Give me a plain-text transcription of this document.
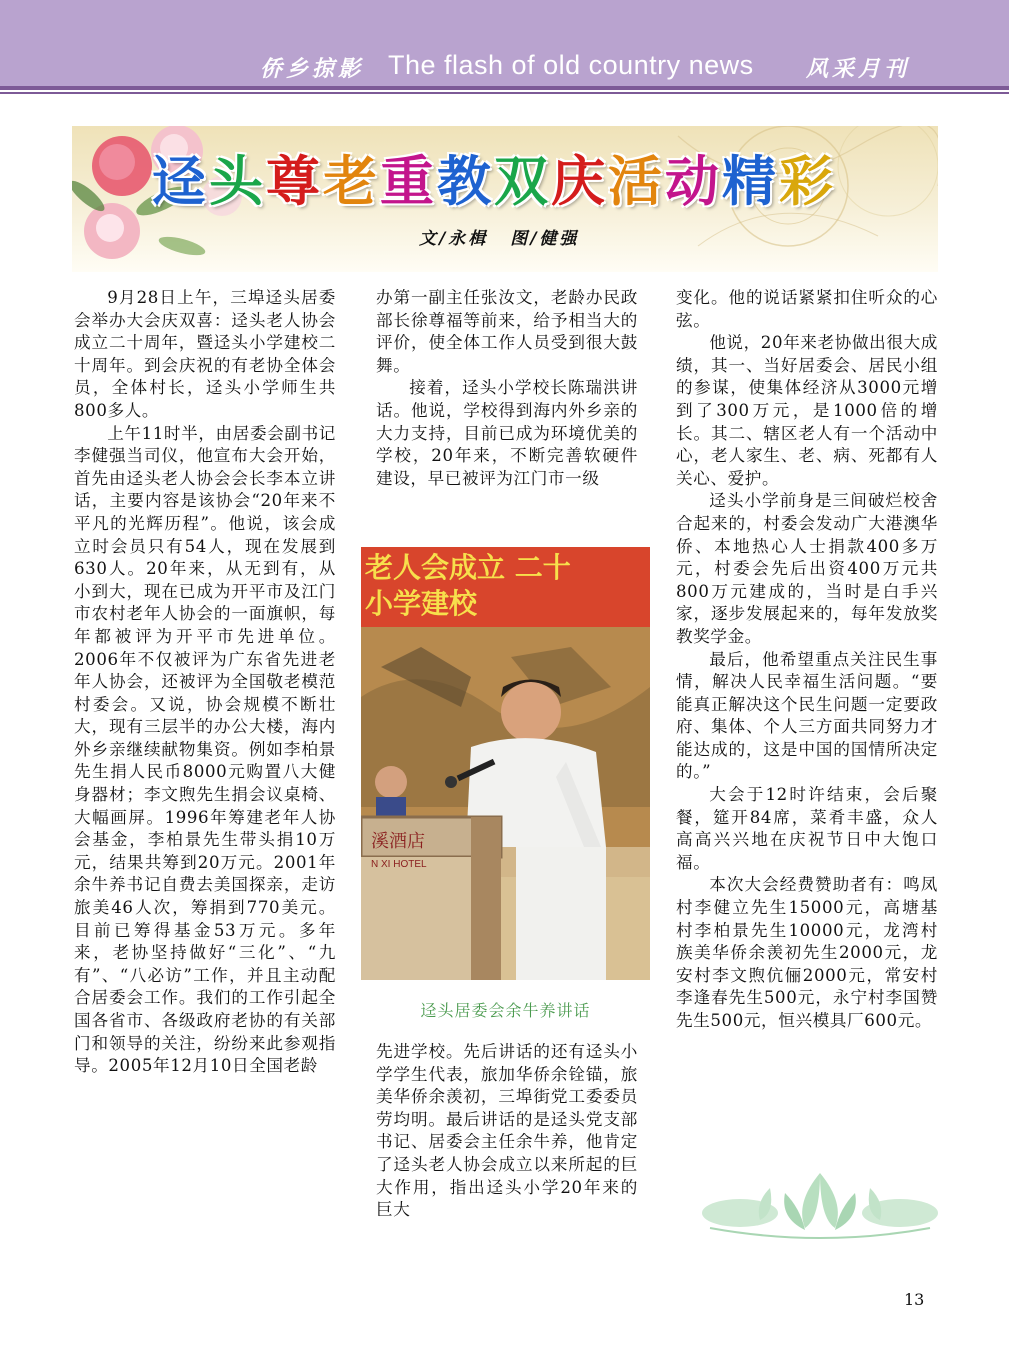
侨乡掠影 The flash of old country news 风采月刊
迳头尊老重教双庆活动精彩
文/永楫 图/健强

9月28日上午，三埠迳头居委会举办大会庆双喜：迳头老人协会成立二十周年，暨迳头小学建校二十周年。到会庆祝的有老协全体会员，全体村长，迳头小学师生共800多人。

上午11时半，由居委会副书记李健强当司仪，他宣布大会开始，首先由迳头老人协会会长李本立讲话，主要内容是该协会“20年来不平凡的光辉历程”。他说，该会成立时会员只有54人，现在发展到630人。20年来，从无到有，从小到大，现在已成为开平市及江门市农村老年人协会的一面旗帜，每年都被评为开平市先进单位。2006年不仅被评为广东省先进老年人协会，还被评为全国敬老模范村委会。又说，协会规模不断壮大，现有三层半的办公大楼，海内外乡亲继续献物集资。例如李柏景先生捐人民币8000元购置八大健身器材；李文煦先生捐会议桌椅、大幅画屏。1996年筹建老年人协会基金，李柏景先生带头捐10万元，结果共筹到20万元。2001年余牛养书记自费去美国探亲，走访旅美46人次，筹捐到770美元。目前已筹得基金53万元。多年来，老协坚持做好“三化”、“九有”、“八必访”工作，并且主动配合居委会工作。我们的工作引起全国各省市、各级政府老协的有关部门和领导的关注，纷纷来此参观指导。2005年12月10日全国老龄

办第一副主任张汝文，老龄办民政部长徐尊福等前来，给予相当大的评价，使全体工作人员受到很大鼓舞。

接着，迳头小学校长陈瑞洪讲话。他说，学校得到海内外乡亲的大力支持，目前已成为环境优美的学校，20年来，不断完善软硬件建设，早已被评为江门市一级

老人会成立 二十
小学建校
溪酒店
N XI HOTEL
迳头居委会余牛养讲话

先进学校。先后讲话的还有迳头小学学生代表，旅加华侨余铨锚，旅美华侨余羡初，三埠街党工委委员劳均明。最后讲话的是迳头党支部书记、居委会主任余牛养，他肯定了迳头老人协会成立以来所起的巨大作用，指出迳头小学20年来的巨大

变化。他的说话紧紧扣住听众的心弦。

他说，20年来老协做出很大成绩，其一、当好居委会、居民小组的参谋，使集体经济从3000元增到了300万元，是1000倍的增长。其二、辖区老人有一个活动中心，老人家生、老、病、死都有人关心、爱护。

迳头小学前身是三间破烂校舍合起来的，村委会发动广大港澳华侨、本地热心人士捐款400多万元，村委会先后出资400万元共800万元建成的，当时是白手兴家，逐步发展起来的，每年发放奖教奖学金。

最后，他希望重点关注民生事情，解决人民幸福生活问题。“要能真正解决这个民生问题一定要政府、集体、个人三方面共同努力才能达成的，这是中国的国情所决定的。”

大会于12时许结束，会后聚餐，筵开84席，菜肴丰盛，众人高高兴兴地在庆祝节日中大饱口福。

本次大会经费赞助者有：鸣凤村李健立先生15000元，高塘基村李柏景先生10000元，龙湾村族美华侨余羡初先生2000元，龙安村李文煦伉俪2000元，常安村李逢春先生500元，永宁村李国赞先生500元，恒兴模具厂600元。

13
